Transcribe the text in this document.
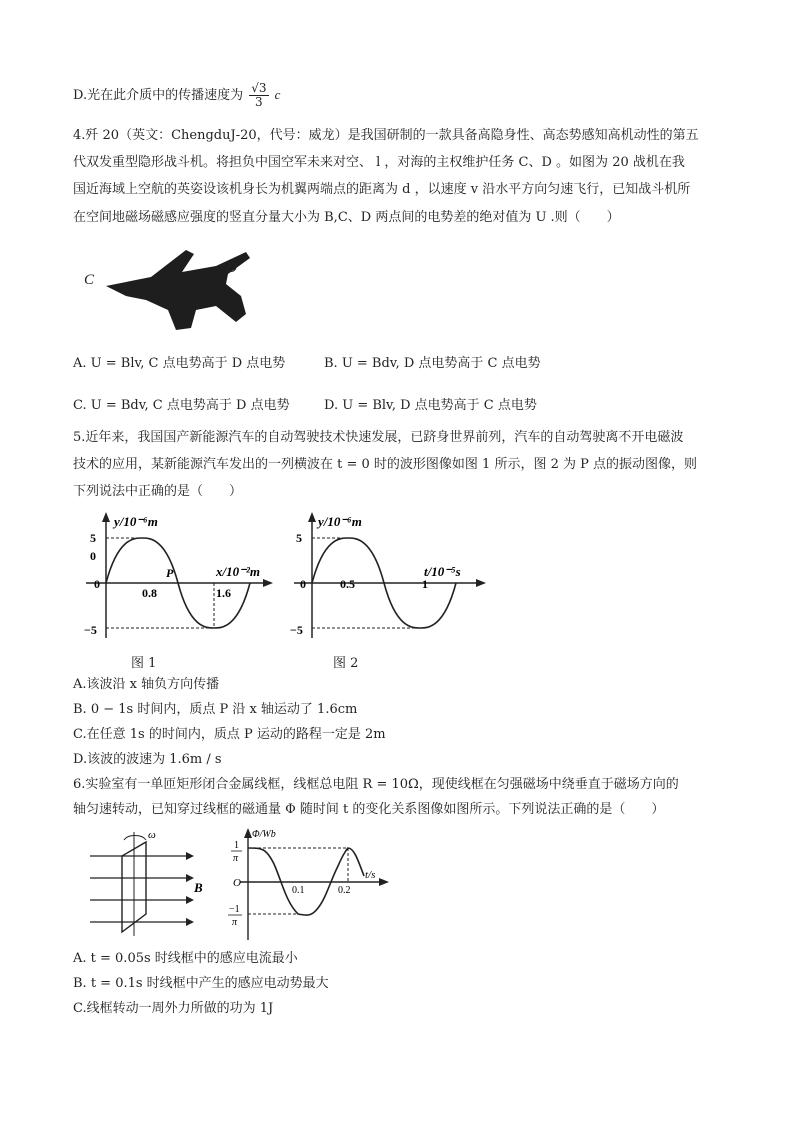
D.光在此介质中的传播速度为 $\frac{√3}{3}$ c
4.歼 20（英文：ChengduJ-20，代号：威龙）是我国研制的一款具备高隐身性、高态势感知高机动性的第五
代双发重型隐形战斗机。将担负中国空军未来对空、 l ，对海的主权维护任务 C、D 。如图为 20 战机在我
国近海域上空航的英姿设该机身长为机翼两端点的距离为 d ，以速度 v 沿水平方向匀速飞行，已知战斗机所
在空间地磁场磁感应强度的竖直分量大小为 B,C、D 两点间的电势差的绝对值为 U .则（　　）
C
D
A. U = Blv, C 点电势高于 D 点电势	B. U = Bdv, D 点电势高于 C 点电势
C. U = Bdv, C 点电势高于 D 点电势	D. U = Blv, D 点电势高于 C 点电势
5.近年来，我国国产新能源汽车的自动驾驶技术快速发展，已跻身世界前列，汽车的自动驾驶离不开电磁波
技术的应用，某新能源汽车发出的一列横波在 t = 0 时的波形图像如图 1 所示，图 2 为 P 点的振动图像，则
下列说法中正确的是（　　）
y/10⁻⁶m
x/10⁻²m
5
0
0
−5
P
0.8	1.6
图 1
y/10⁻⁶m
t/10⁻⁵s
5
0
−5
0.5	1
图 2
A.该波沿 x 轴负方向传播
B. 0 − 1s 时间内，质点 P 沿 x 轴运动了 1.6cm
C.在任意 1s 的时间内，质点 P 运动的路程一定是 2m
D.该波的波速为 1.6m / s
6.实验室有一单匝矩形闭合金属线框，线框总电阻 R = 10Ω，现使线框在匀强磁场中绕垂直于磁场方向的
轴匀速转动，已知穿过线框的磁通量 Φ 随时间 t 的变化关系图像如图所示。下列说法正确的是（　　）
ω
B
Φ/Wb
t/s
1
π
O
−1
π
0.1	0.2
A. t = 0.05s 时线框中的感应电流最小
B. t = 0.1s 时线框中产生的感应电动势最大
C.线框转动一周外力所做的功为 1J
